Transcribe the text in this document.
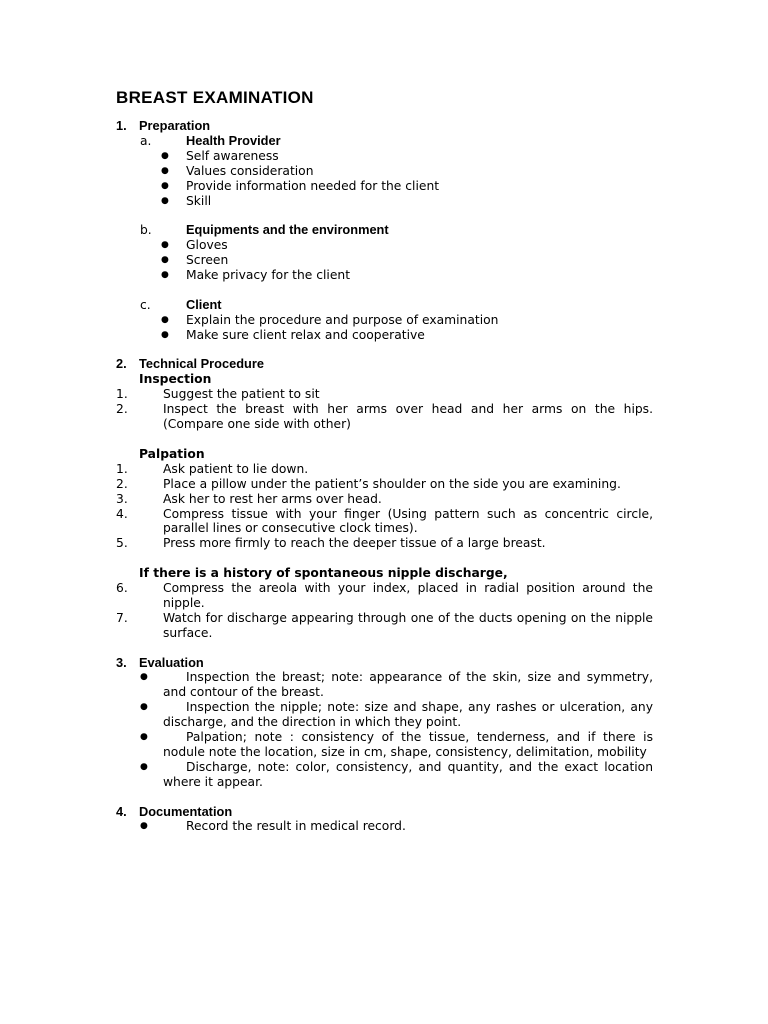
BREAST EXAMINATION
1. Preparation
a.	Health Provider
●	Self awareness
●	Values consideration
●	Provide information needed for the client
●	Skill
b.	Equipments and the environment
●	Gloves
●	Screen
●	Make privacy for the client
c.	Client
●	Explain the procedure and purpose of examination
●	Make sure client relax and cooperative
2. Technical Procedure
Inspection
1.	Suggest the patient to sit
2.	Inspect the breast with her arms over head and her arms on the hips. (Compare one side with other)
Palpation
1.	Ask patient to lie down.
2.	Place a pillow under the patient’s shoulder on the side you are examining.
3.	Ask her to rest her arms over head.
4.	Compress tissue with your finger (Using pattern such as concentric circle, parallel lines or consecutive clock times).
5.	Press more firmly to reach the deeper tissue of a large breast.
If there is a history of spontaneous nipple discharge,
6.	Compress the areola with your index, placed in radial position around the nipple.
7.	Watch for discharge appearing through one of the ducts opening on the nipple surface.
3. Evaluation
●	Inspection the breast; note: appearance of the skin, size and symmetry, and contour of the breast.
●	Inspection the nipple; note: size and shape, any rashes or ulceration, any discharge, and the direction in which they point.
●	Palpation; note : consistency of the tissue, tenderness, and if there is nodule note the location, size in cm, shape, consistency, delimitation, mobility
●	Discharge, note: color, consistency, and quantity, and the exact location where it appear.
4. Documentation
●	Record the result in medical record.
